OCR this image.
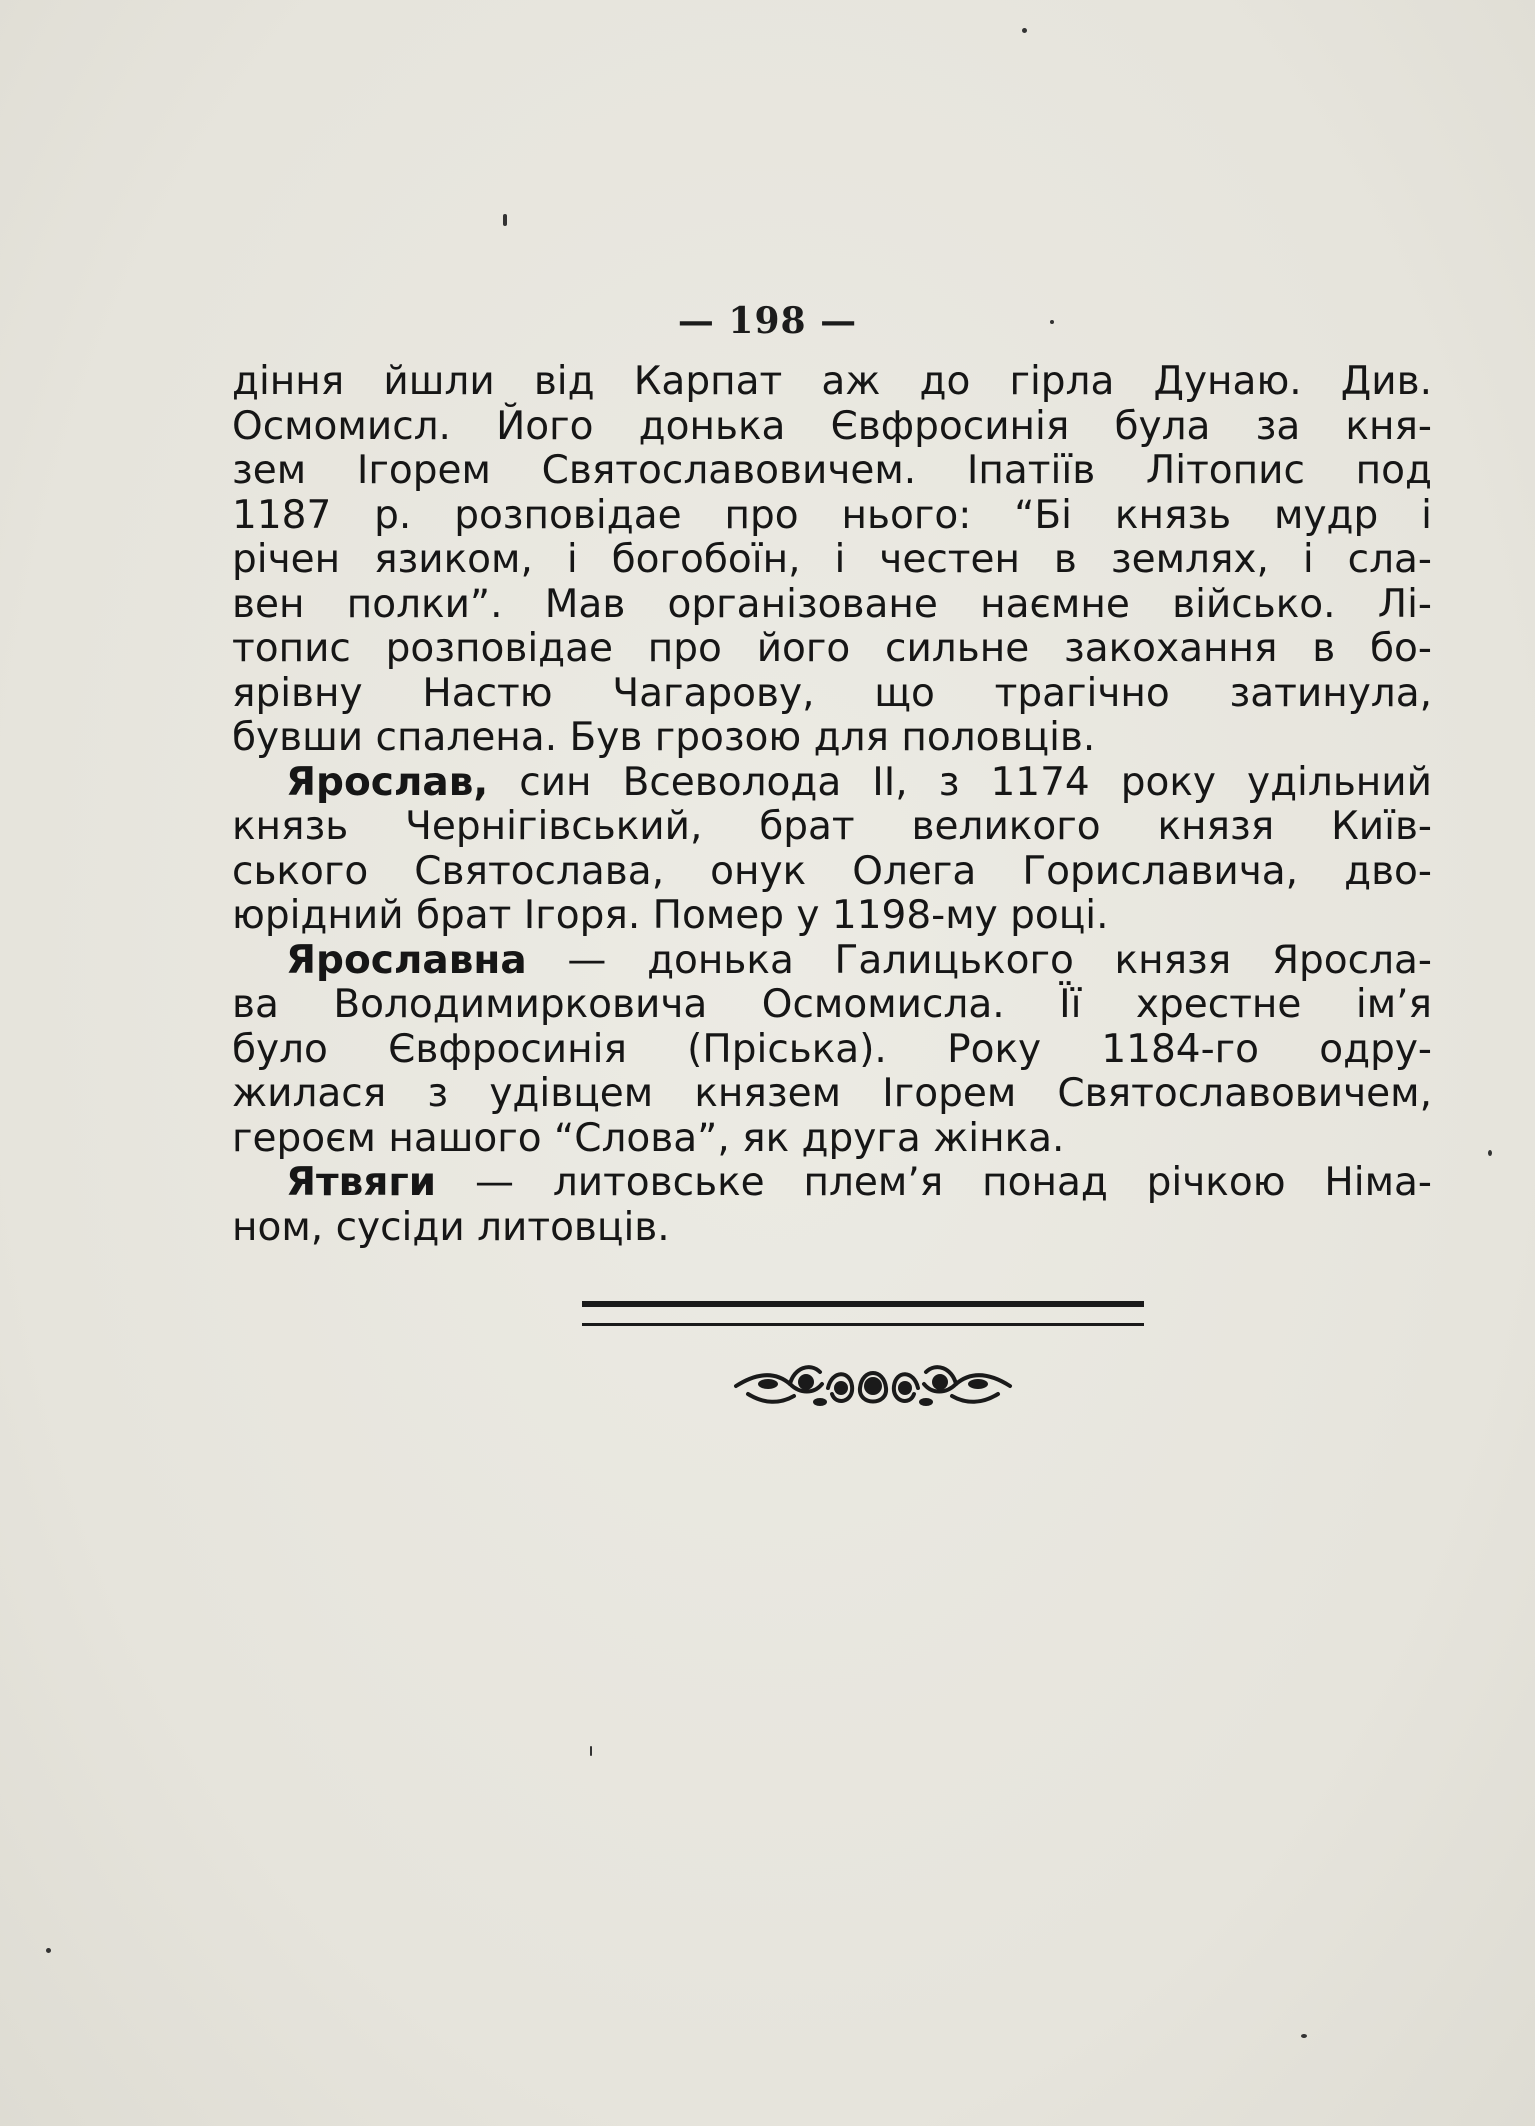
— 198 —
діння йшли від Карпат аж до гірла Дунаю. Див.
Осмомисл. Його донька Євфросинія була за кня-
зем Ігорем Святославовичем. Іпатіїв Літопис под
1187 р. розповідае про нього: “Бі князь мудр і
річен язиком, і богобоїн, і честен в землях, і сла-
вен полки”. Мав організоване наємне військо. Лі-
топис розповідае про його сильне закохання в бо-
ярівну Настю Чагарову, що трагічно затинула,
бувши спалена. Був грозою для половців.
Ярослав, син Всеволода II, з 1174 року удільний
князь Чернігівський, брат великого князя Київ-
ського Святослава, онук Олега Гориславича, дво-
юрідний брат Ігоря. Помер у 1198-му році.
Ярославна — донька Галицького князя Яросла-
ва Володимирковича Осмомисла. Її хрестне ім’я
було Євфросинія (Пріська). Року 1184-го одру-
жилася з удівцем князем Ігорем Святославовичем,
героєм нашого “Слова”, як друга жінка.
Ятвяги — литовське плем’я понад річкою Німа-
ном, сусіди литовців.
